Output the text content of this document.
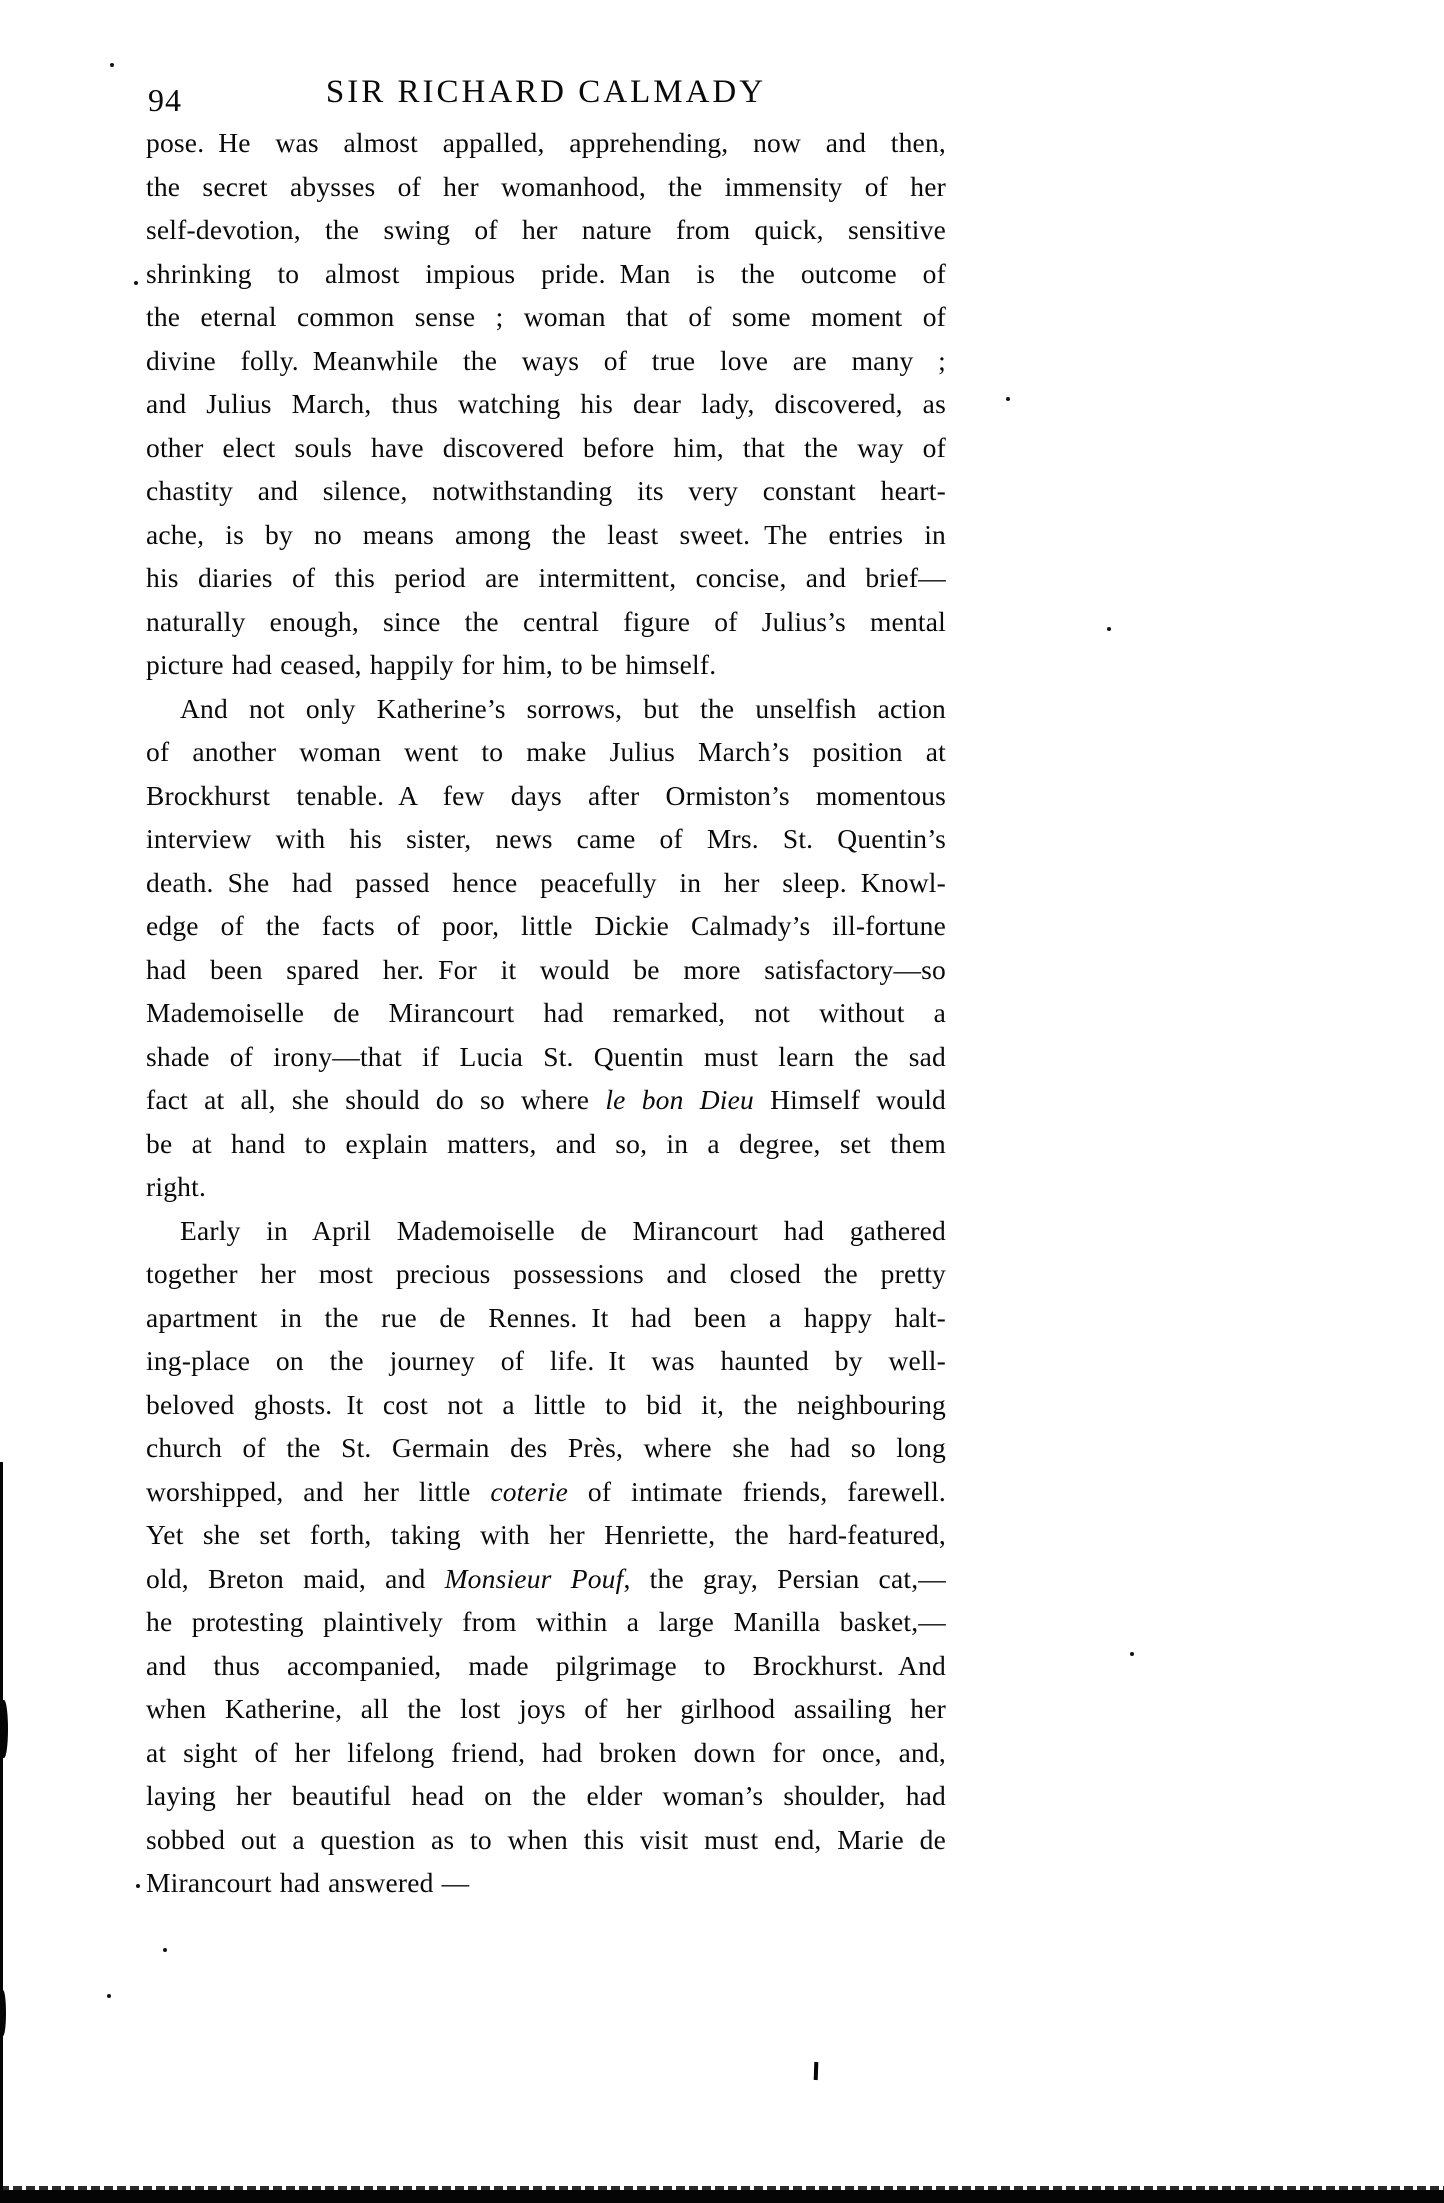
94	SIR RICHARD CALMADY
pose. He was almost appalled, apprehending, now and then,
the secret abysses of her womanhood, the immensity of her
self-devotion, the swing of her nature from quick, sensitive
shrinking to almost impious pride. Man is the outcome of
the eternal common sense ; woman that of some moment of
divine folly. Meanwhile the ways of true love are many ;
and Julius March, thus watching his dear lady, discovered, as
other elect souls have discovered before him, that the way of
chastity and silence, notwithstanding its very constant heart-
ache, is by no means among the least sweet. The entries in
his diaries of this period are intermittent, concise, and brief—
naturally enough, since the central figure of Julius’s mental
picture had ceased, happily for him, to be himself.
And not only Katherine’s sorrows, but the unselfish action
of another woman went to make Julius March’s position at
Brockhurst tenable. A few days after Ormiston’s momentous
interview with his sister, news came of Mrs. St. Quentin’s
death. She had passed hence peacefully in her sleep. Knowl-
edge of the facts of poor, little Dickie Calmady’s ill-fortune
had been spared her. For it would be more satisfactory—so
Mademoiselle de Mirancourt had remarked, not without a
shade of irony—that if Lucia St. Quentin must learn the sad
fact at all, she should do so where le bon Dieu Himself would
be at hand to explain matters, and so, in a degree, set them
right.
Early in April Mademoiselle de Mirancourt had gathered
together her most precious possessions and closed the pretty
apartment in the rue de Rennes. It had been a happy halt-
ing-place on the journey of life. It was haunted by well-
beloved ghosts. It cost not a little to bid it, the neighbouring
church of the St. Germain des Près, where she had so long
worshipped, and her little coterie of intimate friends, farewell.
Yet she set forth, taking with her Henriette, the hard-featured,
old, Breton maid, and Monsieur Pouf, the gray, Persian cat,—
he protesting plaintively from within a large Manilla basket,—
and thus accompanied, made pilgrimage to Brockhurst. And
when Katherine, all the lost joys of her girlhood assailing her
at sight of her lifelong friend, had broken down for once, and,
laying her beautiful head on the elder woman’s shoulder, had
sobbed out a question as to when this visit must end, Marie de
Mirancourt had answered —
